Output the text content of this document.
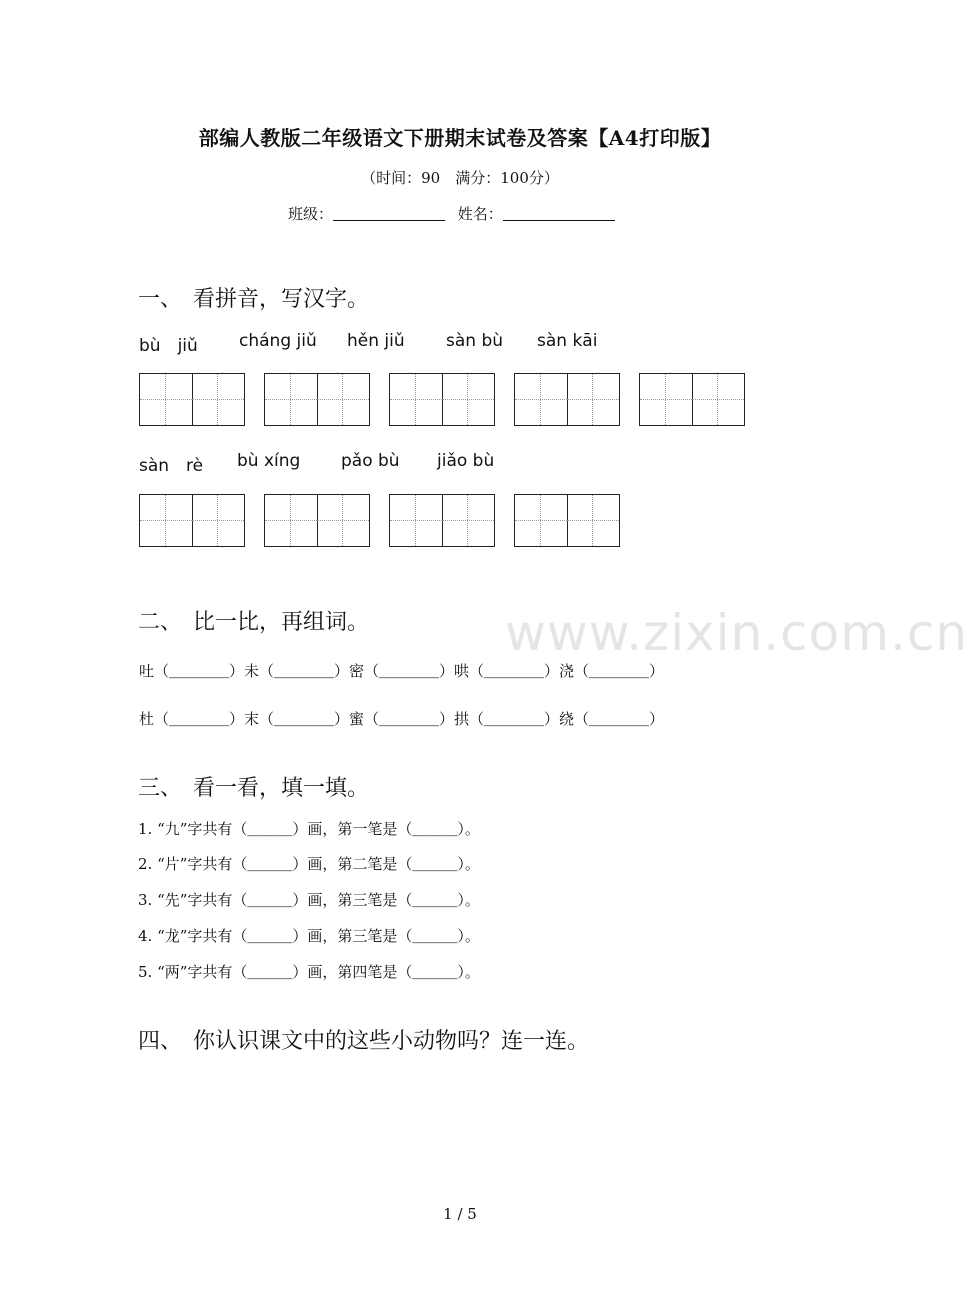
www.zixin.com.cn
部编人教版二年级语文下册期末试卷及答案【A4打印版】
（时间：90　满分：100分）
班级：	姓名：
一、　看拼音，写汉字。
bù　jiǔ cháng jiǔ hěn jiǔ sàn bù sàn kāi
sàn　rè bù xíng pǎo bù jiǎo bù
二、　比一比，再组词。
吐（＿＿＿＿）未（＿＿＿＿）密（＿＿＿＿）哄（＿＿＿＿）浇（＿＿＿＿）
杜（＿＿＿＿）末（＿＿＿＿）蜜（＿＿＿＿）拱（＿＿＿＿）绕（＿＿＿＿）
三、　看一看，填一填。
1. “九”字共有（＿＿＿）画，第一笔是（＿＿＿）。
2. “片”字共有（＿＿＿）画，第二笔是（＿＿＿）。
3. “先”字共有（＿＿＿）画，第三笔是（＿＿＿）。
4. “龙”字共有（＿＿＿）画，第三笔是（＿＿＿）。
5. “两”字共有（＿＿＿）画，第四笔是（＿＿＿）。
四、　你认识课文中的这些小动物吗？连一连。
1 / 5
